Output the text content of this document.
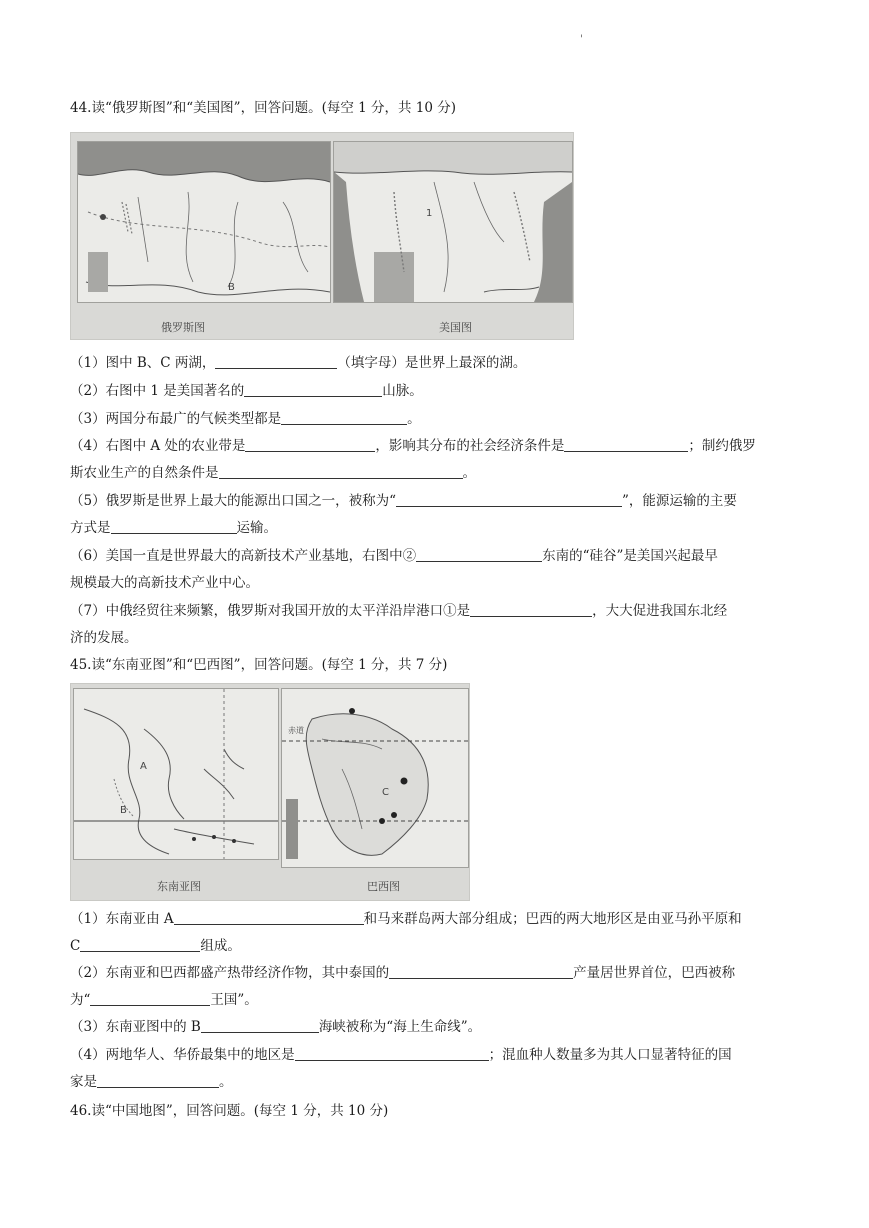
'
44.读“俄罗斯图”和“美国图”，回答问题。(每空 1 分，共 10 分)
B
俄罗斯图
1
美国图
（1）图中 B、C 两湖，	（填字母）是世界上最深的湖。
（2）右图中 1 是美国著名的	山脉。
（3）两国分布最广的气候类型都是	。
（4）右图中 A 处的农业带是	，影响其分布的社会经济条件是	；制约俄罗
斯农业生产的自然条件是	。
（5）俄罗斯是世界上最大的能源出口国之一，被称为“	”，能源运输的主要
方式是	运输。
（6）美国一直是世界最大的高新技术产业基地，右图中②	东南的“硅谷”是美国兴起最早
规模最大的高新技术产业中心。
（7）中俄经贸往来频繁，俄罗斯对我国开放的太平洋沿岸港口①是	，大大促进我国东北经
济的发展。
45.读“东南亚图”和“巴西图”，回答问题。(每空 1 分，共 7 分)
A
B
东南亚图
赤道
C
巴西图
（1）东南亚由 A	和马来群岛两大部分组成；巴西的两大地形区是由亚马孙平原和
C	组成。
（2）东南亚和巴西都盛产热带经济作物，其中泰国的	产量居世界首位，巴西被称
为“	王国”。
（3）东南亚图中的 B	海峡被称为“海上生命线”。
（4）两地华人、华侨最集中的地区是	；混血种人数量多为其人口显著特征的国
家是	。
46.读“中国地图”，回答问题。(每空 1 分，共 10 分)
